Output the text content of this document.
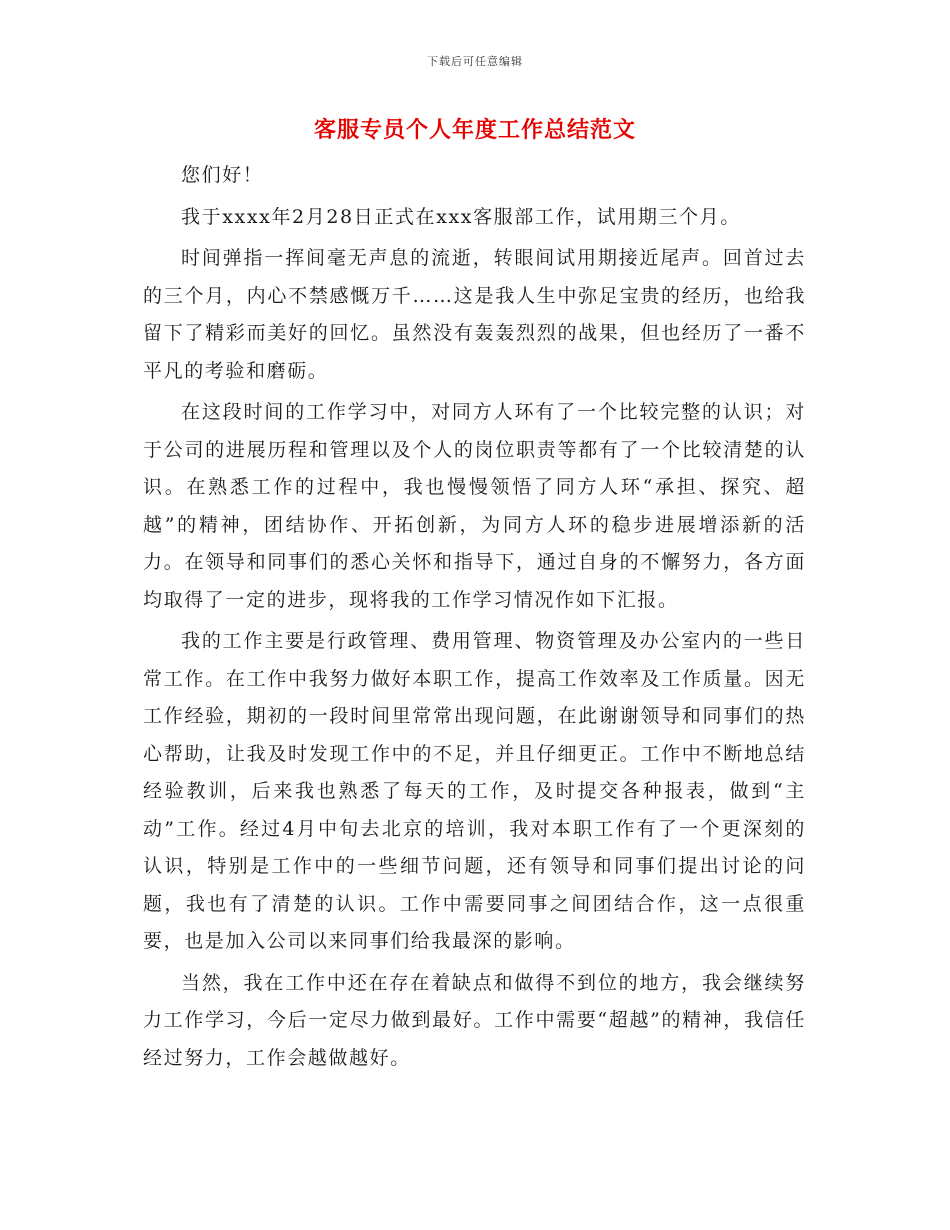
下载后可任意编辑
客服专员个人年度工作总结范文

您们好！

我于xxxx年2月28日正式在xxx客服部工作，试用期三个月。

时间弹指一挥间毫无声息的流逝，转眼间试用期接近尾声。回首过去的三个月，内心不禁感慨万千……这是我人生中弥足宝贵的经历，也给我留下了精彩而美好的回忆。虽然没有轰轰烈烈的战果，但也经历了一番不平凡的考验和磨砺。

在这段时间的工作学习中，对同方人环有了一个比较完整的认识；对于公司的进展历程和管理以及个人的岗位职责等都有了一个比较清楚的认识。在熟悉工作的过程中，我也慢慢领悟了同方人环“承担、探究、超越”的精神，团结协作、开拓创新，为同方人环的稳步进展增添新的活力。在领导和同事们的悉心关怀和指导下，通过自身的不懈努力，各方面均取得了一定的进步，现将我的工作学习情况作如下汇报。

我的工作主要是行政管理、费用管理、物资管理及办公室内的一些日常工作。在工作中我努力做好本职工作，提高工作效率及工作质量。因无工作经验，期初的一段时间里常常出现问题，在此谢谢领导和同事们的热心帮助，让我及时发现工作中的不足，并且仔细更正。工作中不断地总结经验教训，后来我也熟悉了每天的工作，及时提交各种报表，做到“主动”工作。经过4月中旬去北京的培训，我对本职工作有了一个更深刻的认识，特别是工作中的一些细节问题，还有领导和同事们提出讨论的问题，我也有了清楚的认识。工作中需要同事之间团结合作，这一点很重要，也是加入公司以来同事们给我最深的影响。

当然，我在工作中还在存在着缺点和做得不到位的地方，我会继续努力工作学习，今后一定尽力做到最好。工作中需要“超越”的精神，我信任经过努力，工作会越做越好。
